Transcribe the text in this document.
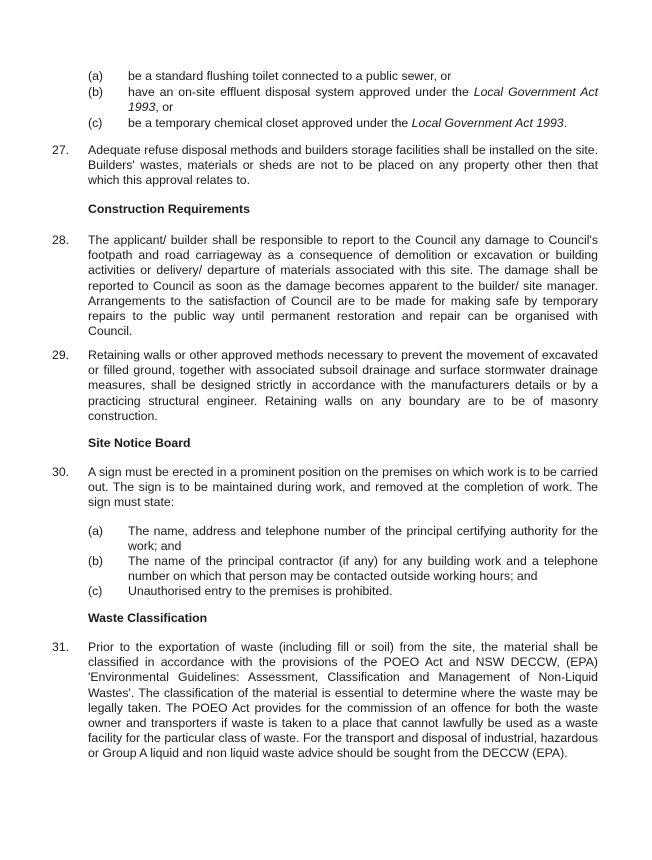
(a) be a standard flushing toilet connected to a public sewer, or
(b) have an on-site effluent disposal system approved under the Local Government Act 1993, or
(c) be a temporary chemical closet approved under the Local Government Act 1993.
27. Adequate refuse disposal methods and builders storage facilities shall be installed on the site. Builders' wastes, materials or sheds are not to be placed on any property other then that which this approval relates to.
Construction Requirements
28. The applicant/ builder shall be responsible to report to the Council any damage to Council's footpath and road carriageway as a consequence of demolition or excavation or building activities or delivery/ departure of materials associated with this site. The damage shall be reported to Council as soon as the damage becomes apparent to the builder/ site manager. Arrangements to the satisfaction of Council are to be made for making safe by temporary repairs to the public way until permanent restoration and repair can be organised with Council.
29. Retaining walls or other approved methods necessary to prevent the movement of excavated or filled ground, together with associated subsoil drainage and surface stormwater drainage measures, shall be designed strictly in accordance with the manufacturers details or by a practicing structural engineer. Retaining walls on any boundary are to be of masonry construction.
Site Notice Board
30. A sign must be erected in a prominent position on the premises on which work is to be carried out. The sign is to be maintained during work, and removed at the completion of work. The sign must state:
(a) The name, address and telephone number of the principal certifying authority for the work; and
(b) The name of the principal contractor (if any) for any building work and a telephone number on which that person may be contacted outside working hours; and
(c) Unauthorised entry to the premises is prohibited.
Waste Classification
31. Prior to the exportation of waste (including fill or soil) from the site, the material shall be classified in accordance with the provisions of the POEO Act and NSW DECCW, (EPA) 'Environmental Guidelines: Assessment, Classification and Management of Non-Liquid Wastes'. The classification of the material is essential to determine where the waste may be legally taken. The POEO Act provides for the commission of an offence for both the waste owner and transporters if waste is taken to a place that cannot lawfully be used as a waste facility for the particular class of waste. For the transport and disposal of industrial, hazardous or Group A liquid and non liquid waste advice should be sought from the DECCW (EPA).
